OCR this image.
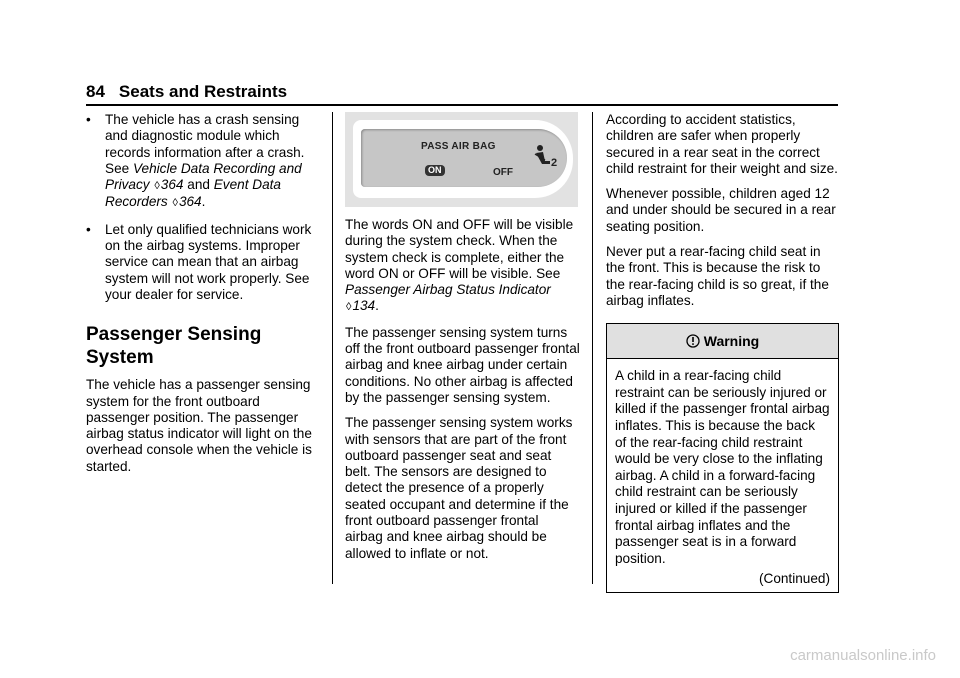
84 Seats and Restraints
• The vehicle has a crash sensing and diagnostic module which records information after a crash. See Vehicle Data Recording and Privacy ◊364 and Event Data Recorders ◊364.
• Let only qualified technicians work on the airbag systems. Improper service can mean that an airbag system will not work properly. See your dealer for service.
Passenger Sensing System

The vehicle has a passenger sensing system for the front outboard passenger position. The passenger airbag status indicator will light on the overhead console when the vehicle is started.

PASS AIR BAG
ON	OFF
2

The words ON and OFF will be visible during the system check. When the system check is complete, either the word ON or OFF will be visible. See Passenger Airbag Status Indicator ◊134.

The passenger sensing system turns off the front outboard passenger frontal airbag and knee airbag under certain conditions. No other airbag is affected by the passenger sensing system.

The passenger sensing system works with sensors that are part of the front outboard passenger seat and seat belt. The sensors are designed to detect the presence of a properly seated occupant and determine if the front outboard passenger frontal airbag and knee airbag should be allowed to inflate or not.

According to accident statistics, children are safer when properly secured in a rear seat in the correct child restraint for their weight and size.

Whenever possible, children aged 12 and under should be secured in a rear seating position.

Never put a rear-facing child seat in the front. This is because the risk to the rear-facing child is so great, if the airbag inflates.

Warning
A child in a rear-facing child restraint can be seriously injured or killed if the passenger frontal airbag inflates. This is because the back of the rear-facing child restraint would be very close to the inflating airbag. A child in a forward-facing child restraint can be seriously injured or killed if the passenger frontal airbag inflates and the passenger seat is in a forward position.
(Continued)
carmanualsonline.info
